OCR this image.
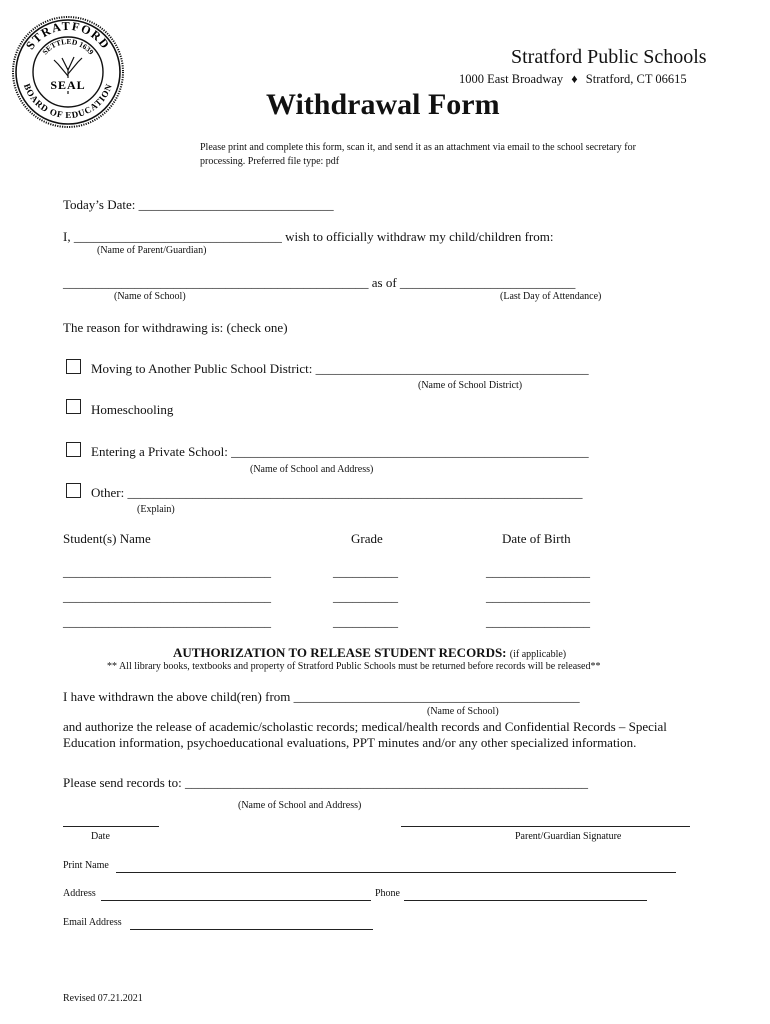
STRATFORD
BOARD OF EDUCATION
SETTLED 1639
SEAL
Stratford Public Schools
1000 East Broadway ♦ Stratford, CT 06615
Withdrawal Form
Please print and complete this form, scan it, and send it as an attachment via email to the school secretary for
processing. Preferred file type: pdf
Today’s Date: ______________________________
I, ________________________________ wish to officially withdraw my child/children from:
(Name of Parent/Guardian)
_______________________________________________ as of ___________________________
(Name of School)	(Last Day of Attendance)
The reason for withdrawing is: (check one)
Moving to Another Public School District: __________________________________________
(Name of School District)
Homeschooling
Entering a Private School: _______________________________________________________
(Name of School and Address)
Other: ______________________________________________________________________
(Explain)
Student(s) Name	Grade	Date of Birth
________________________________	__________	________________
________________________________	__________	________________
________________________________	__________	________________
AUTHORIZATION TO RELEASE STUDENT RECORDS: (if applicable)
** All library books, textbooks and property of Stratford Public Schools must be returned before records will be released**
I have withdrawn the above child(ren) from ____________________________________________
(Name of School)
and authorize the release of academic/scholastic records; medical/health records and Confidential Records – Special
Education information, psychoeducational evaluations, PPT minutes and/or any other specialized information.
Please send records to: ______________________________________________________________
(Name of School and Address)
Date	Parent/Guardian Signature
Print Name
Address	Phone
Email Address
Revised 07.21.2021
